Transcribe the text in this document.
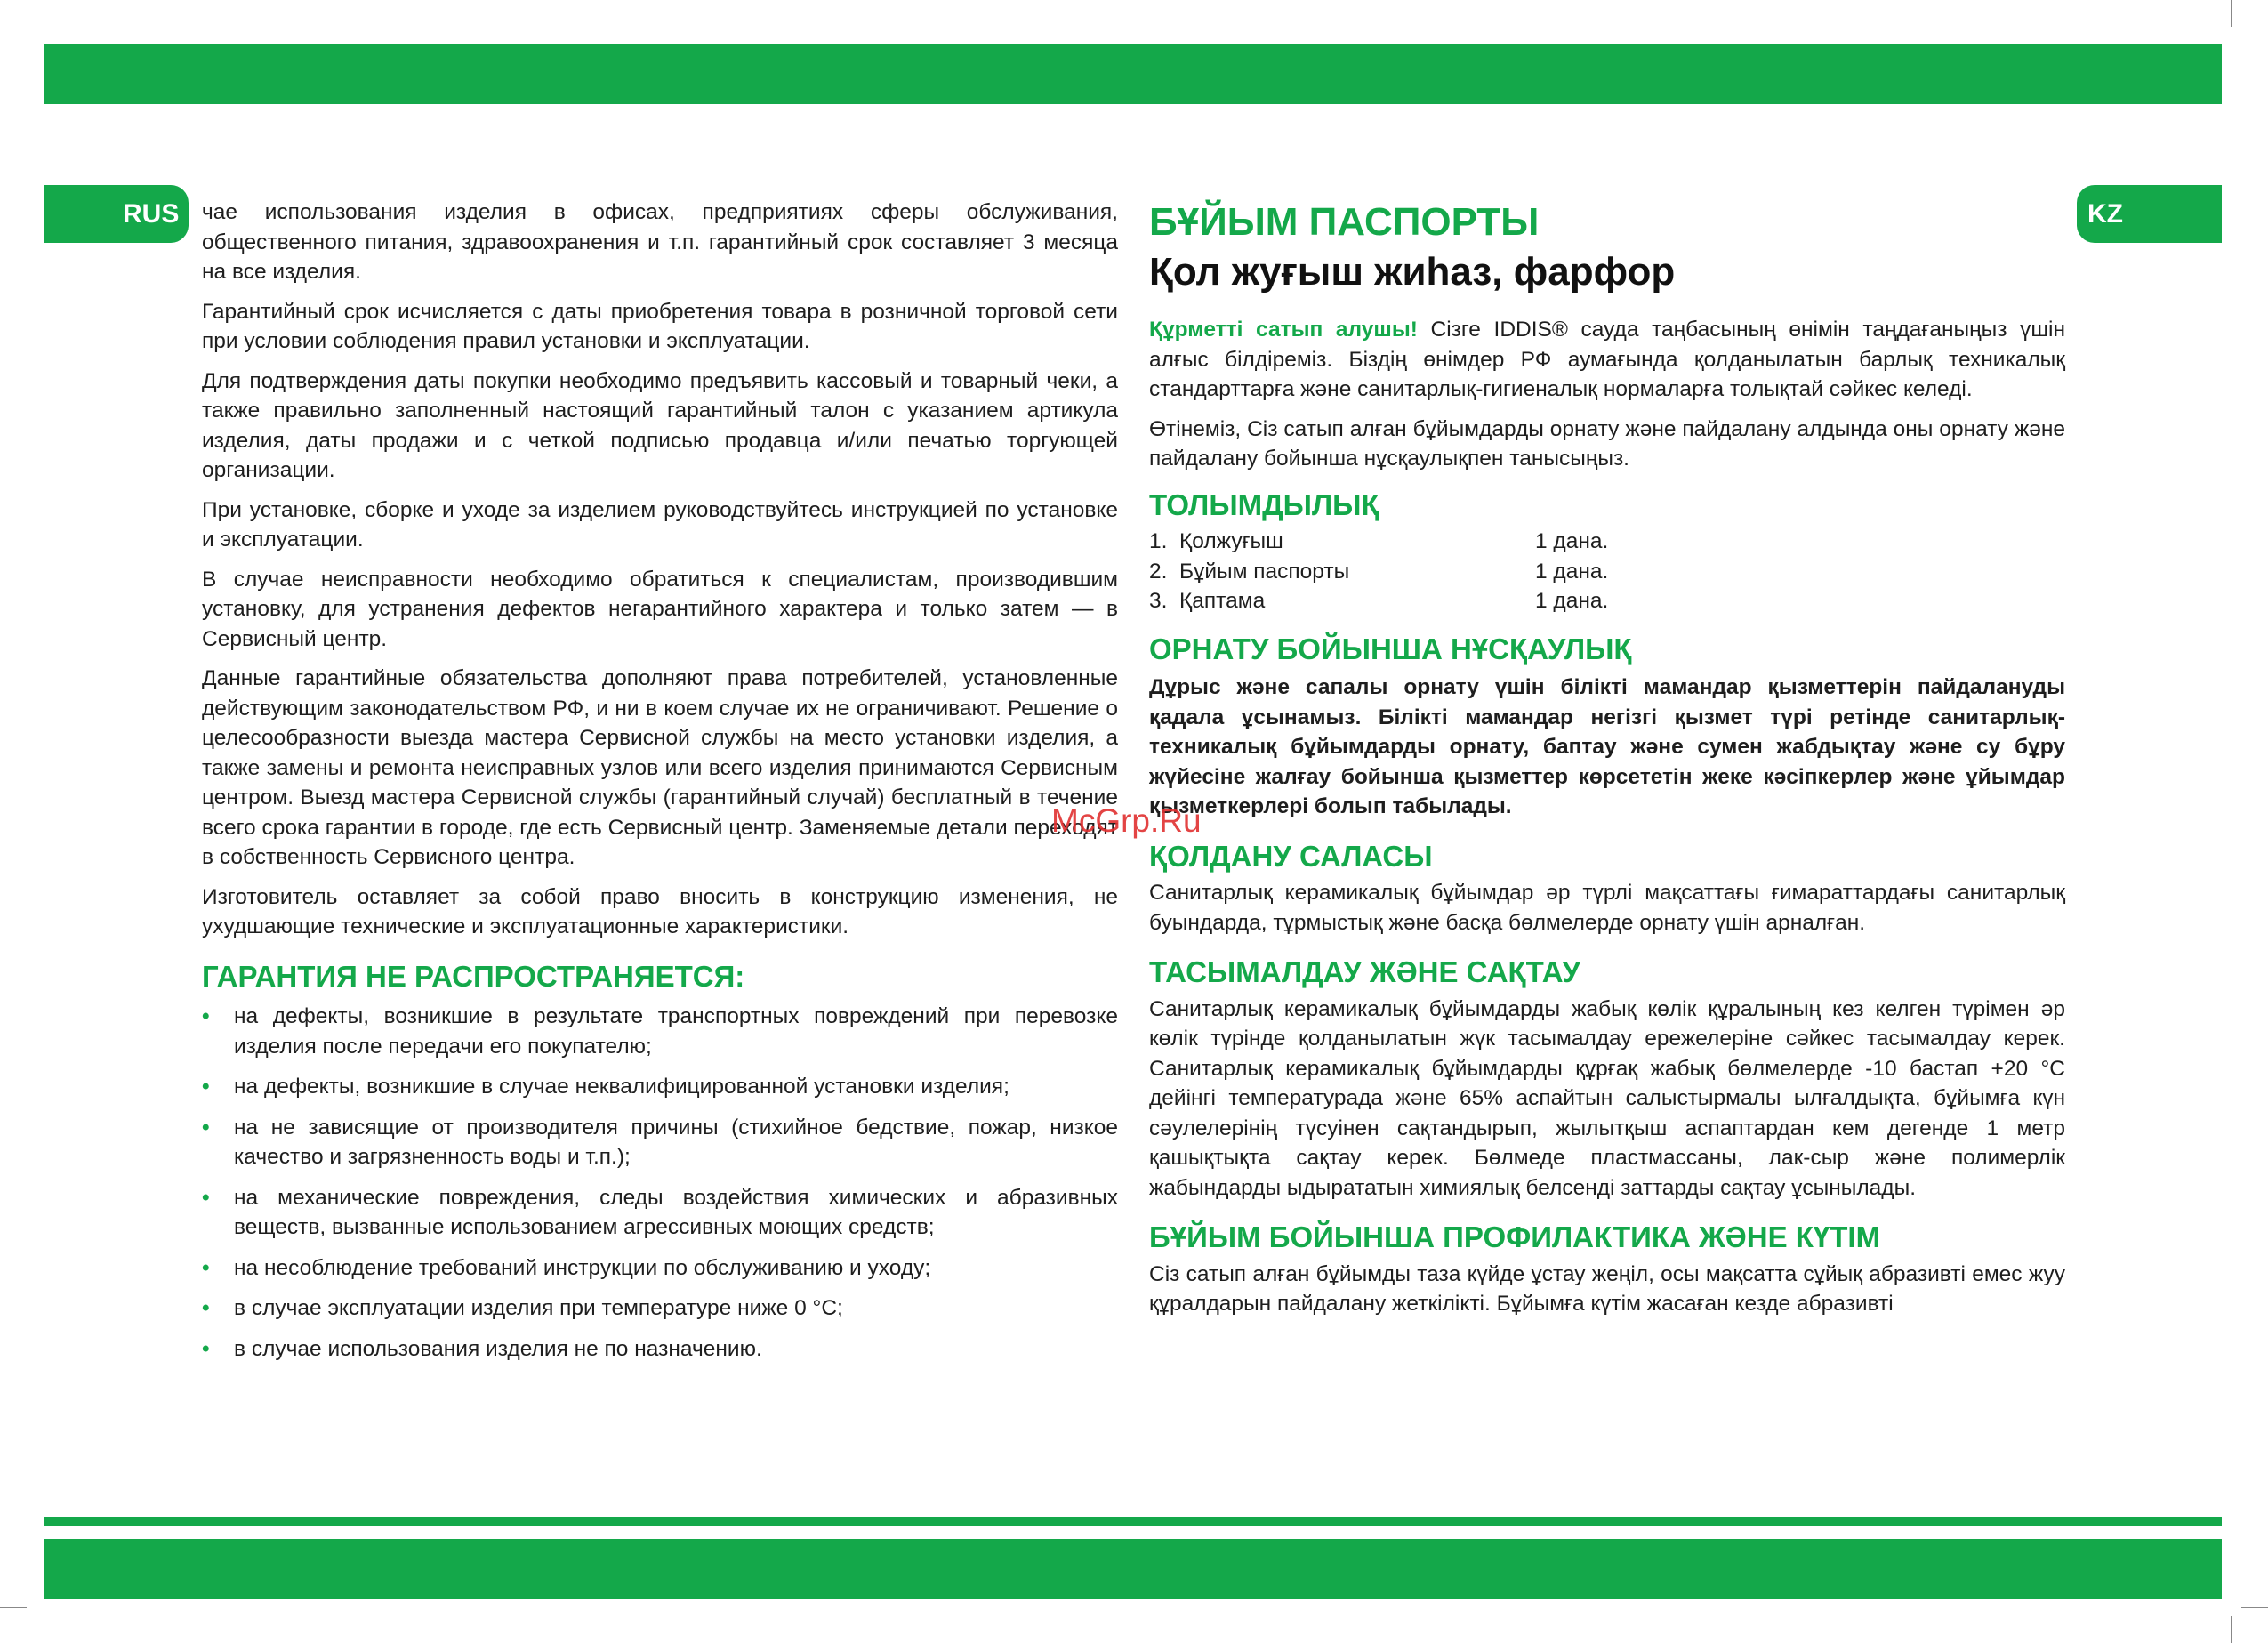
RUS	KZ

чае использования изделия в офисах, предприятиях сферы обслуживания, общественного питания, здравоохранения и т.п. гарантийный срок составляет 3 месяца на все изделия.

Гарантийный срок исчисляется с даты приобретения товара в розничной торговой сети при условии соблюдения правил установки и эксплуатации.

Для подтверждения даты покупки необходимо предъявить кассовый и товарный чеки, а также правильно заполненный настоящий гарантийный талон с указанием артикула изделия, даты продажи и с четкой подписью продавца и/или печатью торгующей организации.

При установке, сборке и уходе за изделием руководствуйтесь инструкцией по установке и эксплуатации.

В случае неисправности необходимо обратиться к специалистам, производившим установку, для устранения дефектов негарантийного характера и только затем — в Сервисный центр.

Данные гарантийные обязательства дополняют права потребителей, установленные действующим законодательством РФ, и ни в коем случае их не ограничивают. Решение о целесообразности выезда мастера Сервисной службы на место установки изделия, а также замены и ремонта неисправных узлов или всего изделия принимаются Сервисным центром. Выезд мастера Сервисной службы (гарантийный случай) бесплатный в течение всего срока гарантии в городе, где есть Сервисный центр. Заменяемые детали переходят в собственность Сервисного центра.

Изготовитель оставляет за собой право вносить в конструкцию изменения, не ухудшающие технические и эксплуатационные характеристики.

ГАРАНТИЯ НЕ РАСПРОСТРАНЯЕТСЯ:
• на дефекты, возникшие в результате транспортных повреждений при перевозке изделия после передачи его покупателю;
• на дефекты, возникшие в случае неквалифицированной установки изделия;
• на не зависящие от производителя причины (стихийное бедствие, пожар, низкое качество и загрязненность воды и т.п.);
• на механические повреждения, следы воздействия химических и абразивных веществ, вызванные использованием агрессивных моющих средств;
• на несоблюдение требований инструкции по обслуживанию и уходу;
• в случае эксплуатации изделия при температуре ниже 0 °С;
• в случае использования изделия не по назначению.
БҰЙЫМ ПАСПОРТЫ
Қол жуғыш жиһаз, фарфор

Құрметті сатып алушы! Сізге IDDIS® сауда таңбасының өнімін таңдағаныңыз үшін алғыс білдіреміз. Біздің өнімдер РФ аумағында қолданылатын барлық техникалық стандарттарға және санитарлық-гигиеналық нормаларға толықтай сәйкес келеді.

Өтінеміз, Сіз сатып алған бұйымдарды орнату және пайдалану алдында оны орнату және пайдалану бойынша нұсқаулықпен танысыңыз.

ТОЛЫМДЫЛЫҚ
1.	Қолжуғыш	1 дана.
2.	Бұйым паспорты	1 дана.
3.	Қаптама	1 дана.
ОРНАТУ БОЙЫНША НҰСҚАУЛЫҚ

Дұрыс және сапалы орнату үшін білікті мамандар қызметтерін пайдалануды қадала ұсынамыз. Білікті мамандар негізгі қызмет түрі ретінде санитарлық-техникалық бұйымдарды орнату, баптау және сумен жабдықтау және су бұру жүйесіне жалғау бойынша қызметтер көрсететін жеке кәсіпкерлер және ұйымдар қызметкерлері болып табылады.

ҚОЛДАНУ САЛАСЫ

Санитарлық керамикалық бұйымдар әр түрлі мақсаттағы ғимараттардағы санитарлық буындарда, тұрмыстық және басқа бөлмелерде орнату үшін арналған.

ТАСЫМАЛДАУ ЖӘНЕ САҚТАУ

Санитарлық керамикалық бұйымдарды жабық көлік құралының кез келген түрімен әр көлік түрінде қолданылатын жүк тасымалдау ережелеріне сәйкес тасымалдау керек. Санитарлық керамикалық бұйымдарды құрғақ жабық бөлмелерде -10 бастап +20 °С дейінгі температурада және 65% аспайтын салыстырмалы ылғалдықта, бұйымға күн сәулелерінің түсуінен сақтандырып, жылытқыш аспаптардан кем дегенде 1 метр қашықтықта сақтау керек. Бөлмеде пластмассаны, лак-сыр және полимерлік жабындарды ыдырататын химиялық белсенді заттарды сақтау ұсынылады.

БҰЙЫМ БОЙЫНША ПРОФИЛАКТИКА ЖӘНЕ КҮТІМ

Сіз сатып алған бұйымды таза күйде ұстау жеңіл, осы мақсатта сұйық абразивті емес жуу құралдарын пайдалану жеткілікті. Бұйымға күтім жасаған кезде абразивті

McGrp.Ru
